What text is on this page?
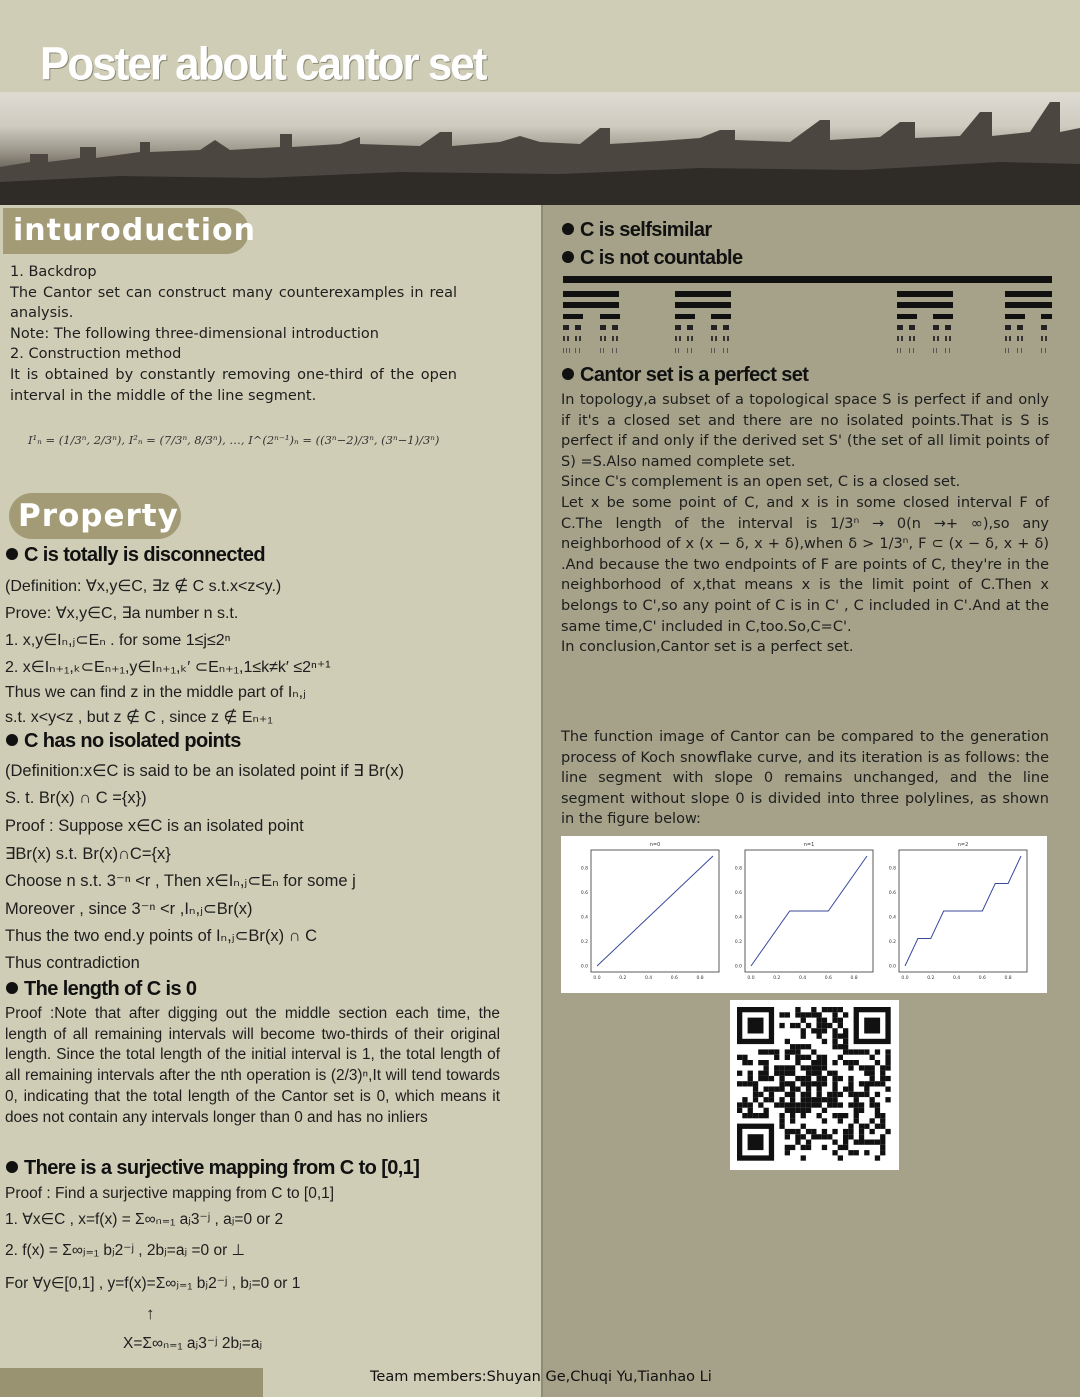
Poster about cantor set
inturoduction
1. Backdrop
The Cantor set can construct many counterexamples in real analysis.
Note: The following three-dimensional introduction
2. Construction method
It is obtained by constantly removing one-third of the open interval in the middle of the line segment.
I¹ₙ = (1/3ⁿ, 2/3ⁿ), I²ₙ = (7/3ⁿ, 8/3ⁿ), …, I^(2ⁿ⁻¹)ₙ = ((3ⁿ−2)/3ⁿ, (3ⁿ−1)/3ⁿ)
Property
C is totally is disconnected
(Definition: ∀x,y∈C, ∃z ∉ C s.t.x<z<y.)
Prove: ∀x,y∈C, ∃a number n s.t.
1. x,y∈Iₙ,ⱼ⊂Eₙ . for some 1≤j≤2ⁿ
2. x∈Iₙ₊₁,ₖ⊂Eₙ₊₁,y∈Iₙ₊₁,ₖ′ ⊂Eₙ₊₁,1≤k≠k′ ≤2ⁿ⁺¹
Thus we can find z in the middle part of Iₙ,ⱼ
s.t. x<y<z , but z ∉ C , since z ∉ Eₙ₊₁
C has no isolated points
(Definition:x∈C is said to be an isolated point if ∃ Br(x)
S. t. Br(x) ∩ C ={x})
Proof : Suppose x∈C is an isolated point
∃Br(x) s.t. Br(x)∩C={x}
Choose n s.t. 3⁻ⁿ <r , Then x∈Iₙ,ⱼ⊂Eₙ for some j
Moreover , since 3⁻ⁿ <r ,Iₙ,ⱼ⊂Br(x)
Thus the two end.y points of Iₙ,ⱼ⊂Br(x) ∩ C
Thus contradiction
The length of C is 0
Proof :Note that after digging out the middle section each time, the length of all remaining intervals will become two-thirds of their original length. Since the total length of the initial interval is 1, the total length of all remaining intervals after the nth operation is (2/3)ⁿ,It will tend towards 0, indicating that the total length of the Cantor set is 0, which means it does not contain any intervals longer than 0 and has no inliers
There is a surjective mapping from C to [0,1]
Proof : Find a surjective mapping from C to [0,1]
1. ∀x∈C , x=f(x) = Σ∞ₙ₌₁ aⱼ3⁻ʲ , aⱼ=0 or 2
2. f(x) = Σ∞ⱼ₌₁ bⱼ2⁻ʲ , 2bⱼ=aⱼ =0 or ⊥
For ∀y∈[0,1] , y=f(x)=Σ∞ⱼ₌₁ bⱼ2⁻ʲ , bⱼ=0 or 1
↑
X=Σ∞ₙ₌₁ aⱼ3⁻ʲ 2bⱼ=aⱼ
C is selfsimilar
C is not countable
Cantor set is a perfect set
In topology,a subset of a topological space S is perfect if and only if it's a closed set and there are no isolated points.That is S is perfect if and only if the derived set S' (the set of all limit points of S) =S.Also named complete set.
Since C's complement is an open set, C is a closed set.
Let x be some point of C, and x is in some closed interval F of C.The length of the interval is 1/3ⁿ → 0(n →+ ∞),so any neighborhood of x (x − δ, x + δ),when δ > 1/3ⁿ, F ⊂ (x − δ, x + δ) .And because the two endpoints of F are points of C, they're in the neighborhood of x,that means x is the limit point of C.Then x belongs to C',so any point of C is in C' , C included in C'.And at the same time,C' included in C,too.So,C=C'.
In conclusion,Cantor set is a perfect set.
The function image of Cantor can be compared to the generation process of Koch snowflake curve, and its iteration is as follows: the line segment with slope 0 remains unchanged, and the line segment without slope 0 is divided into three polylines, as shown in the figure below:
n=0
0.0
0.0
0.2
0.2
0.4
0.4
0.6
0.6
0.8
0.8
n=1
0.0
0.0
0.2
0.2
0.4
0.4
0.6
0.6
0.8
0.8
n=2
0.0
0.0
0.2
0.2
0.4
0.4
0.6
0.6
0.8
0.8
Team members:Shuyan Ge,Chuqi Yu,Tianhao Li
